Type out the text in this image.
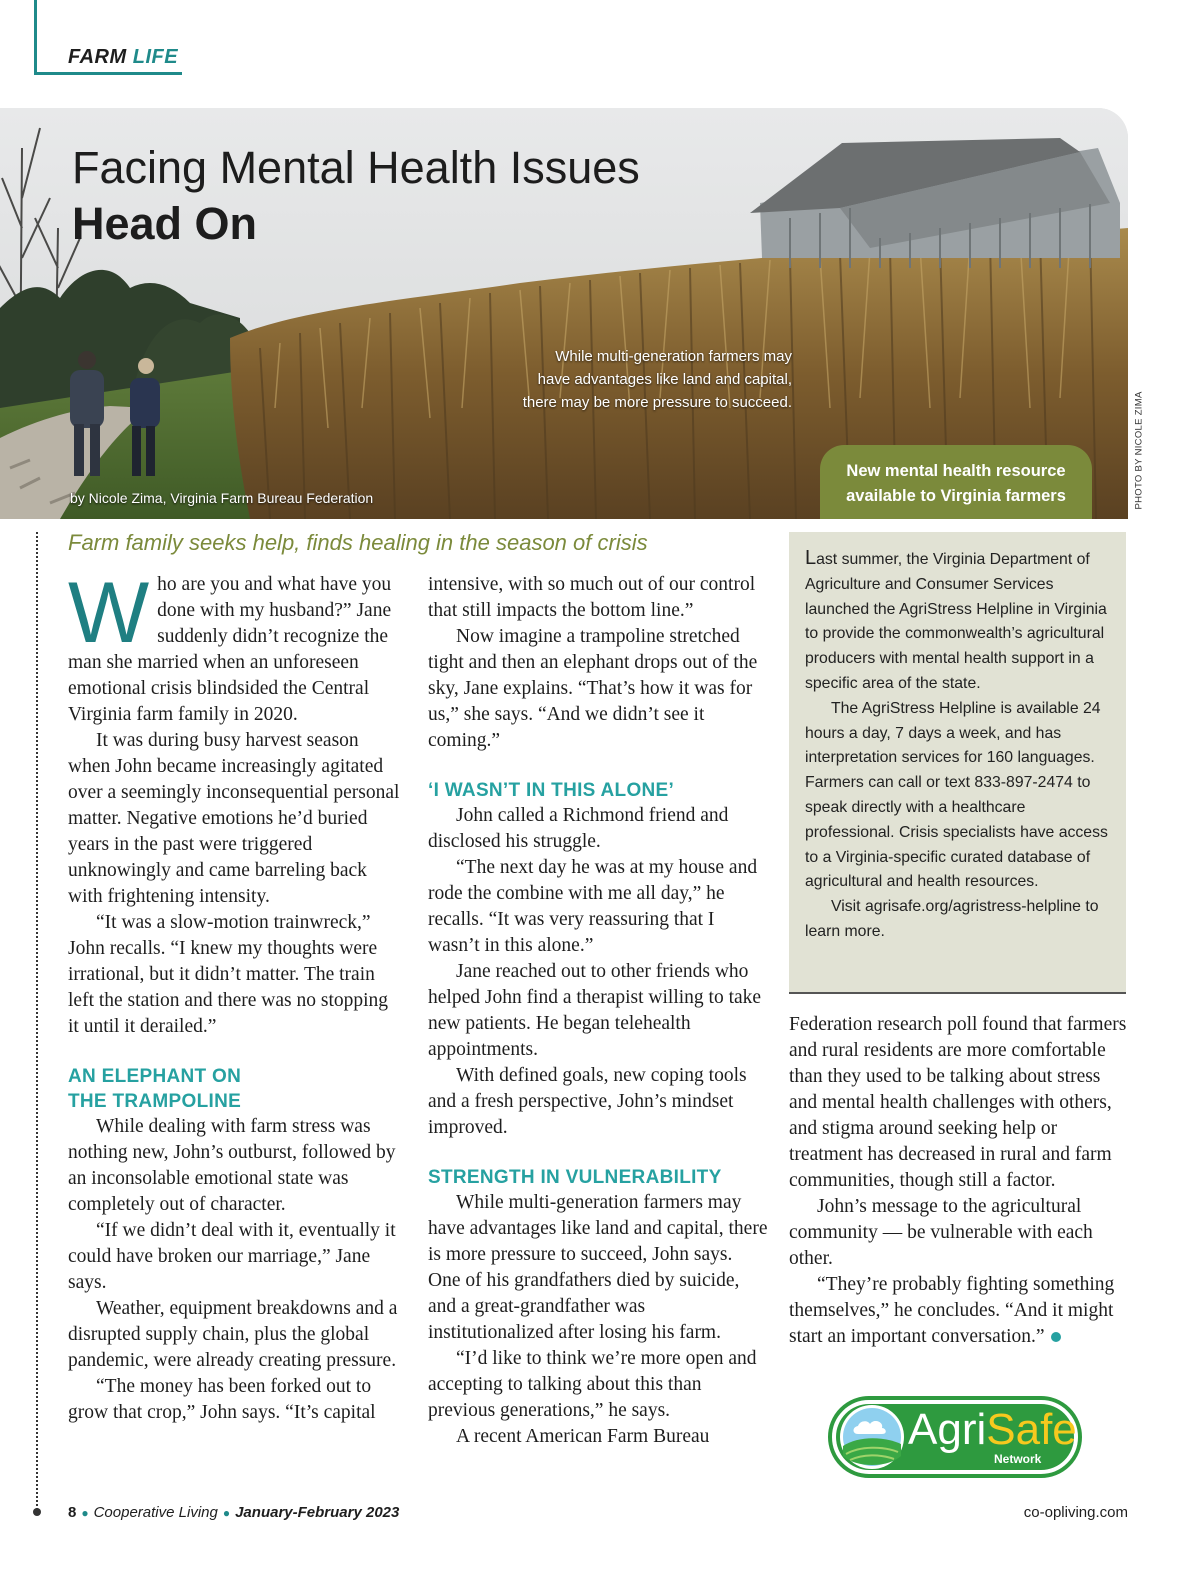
FARM LIFE
Facing Mental Health Issues
Head On
While multi-generation farmers may have advantages like land and capital, there may be more pressure to succeed.
by Nicole Zima, Virginia Farm Bureau Federation	PHOTO BY NICOLE ZIMA
New mental health resource
available to Virginia farmers
Farm family seeks help, finds healing in the season of crisis

Who are you and what have you done with my husband?” Jane suddenly didn’t recognize the man she married when an unforeseen emotional crisis blindsided the Central Virginia farm family in 2020.

It was during busy harvest season when John became increasingly agitated over a seemingly inconsequential personal matter. Negative emotions he’d buried years in the past were triggered unknowingly and came barreling back with frightening intensity.

“It was a slow-motion trainwreck,” John recalls. “I knew my thoughts were irrational, but it didn’t matter. The train left the station and there was no stopping it until it derailed.”

AN ELEPHANT ON
THE TRAMPOLINE

While dealing with farm stress was nothing new, John’s outburst, followed by an inconsolable emotional state was completely out of character.

“If we didn’t deal with it, eventually it could have broken our marriage,” Jane says.

Weather, equipment breakdowns and a disrupted supply chain, plus the global pandemic, were already creating pressure.

“The money has been forked out to grow that crop,” John says. “It’s capital

intensive, with so much out of our control that still impacts the bottom line.”

Now imagine a trampoline stretched tight and then an elephant drops out of the sky, Jane explains. “That’s how it was for us,” she says. “And we didn’t see it coming.”

‘I WASN’T IN THIS ALONE’

John called a Richmond friend and disclosed his struggle.

“The next day he was at my house and rode the combine with me all day,” he recalls. “It was very reassuring that I wasn’t in this alone.”

Jane reached out to other friends who helped John find a therapist willing to take new patients. He began telehealth appointments.

With defined goals, new coping tools and a fresh perspective, John’s mindset improved.

STRENGTH IN VULNERABILITY

While multi-generation farmers may have advantages like land and capital, there is more pressure to succeed, John says. One of his grandfathers died by suicide, and a great-grandfather was institutionalized after losing his farm.

“I’d like to think we’re more open and accepting to talking about this than previous generations,” he says.

A recent American Farm Bureau

Last summer, the Virginia Department of Agriculture and Consumer Services launched the AgriStress Helpline in Virginia to provide the commonwealth’s agricultural producers with mental health support in a specific area of the state.

The AgriStress Helpline is available 24 hours a day, 7 days a week, and has interpretation services for 160 languages. Farmers can call or text 833-897-2474 to speak directly with a healthcare professional. Crisis specialists have access to a Virginia-specific curated database of agricultural and health resources.

Visit agrisafe.org/agristress-helpline to learn more.

Federation research poll found that farmers and rural residents are more comfortable than they used to be talking about stress and mental health challenges with others, and stigma around seeking help or treatment has decreased in rural and farm communities, though still a factor.

John’s message to the agricultural community — be vulnerable with each other.

“They’re probably fighting something themselves,” he concludes. “And it might start an important conversation.”

AgriSafe
Network
8 ● Cooperative Living ● January-February 2023	co-opliving.com
